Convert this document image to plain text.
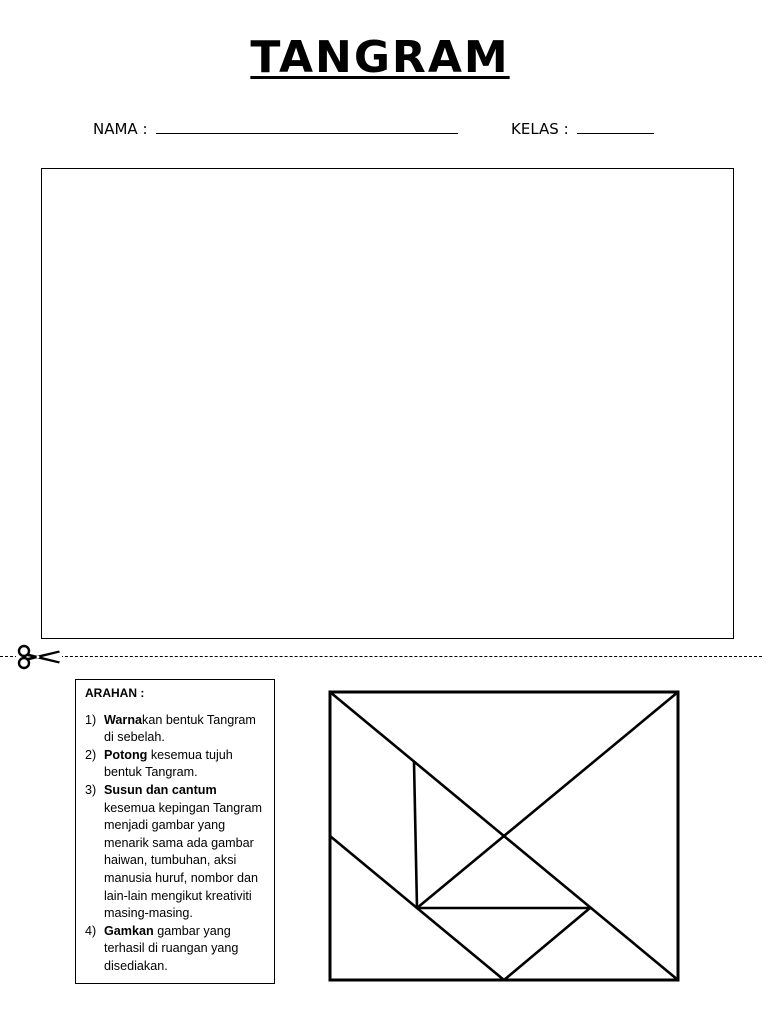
TANGRAM
NAMA :	KELAS :
ARAHAN :
1) Warnakan bentuk Tangram di sebelah.
2) Potong kesemua tujuh bentuk Tangram.
3) Susun dan cantum kesemua kepingan Tangram menjadi gambar yang menarik sama ada gambar haiwan, tumbuhan, aksi manusia huruf, nombor dan lain-lain mengikut kreativiti masing-masing.
4) Gamkan gambar yang terhasil di ruangan yang disediakan.
